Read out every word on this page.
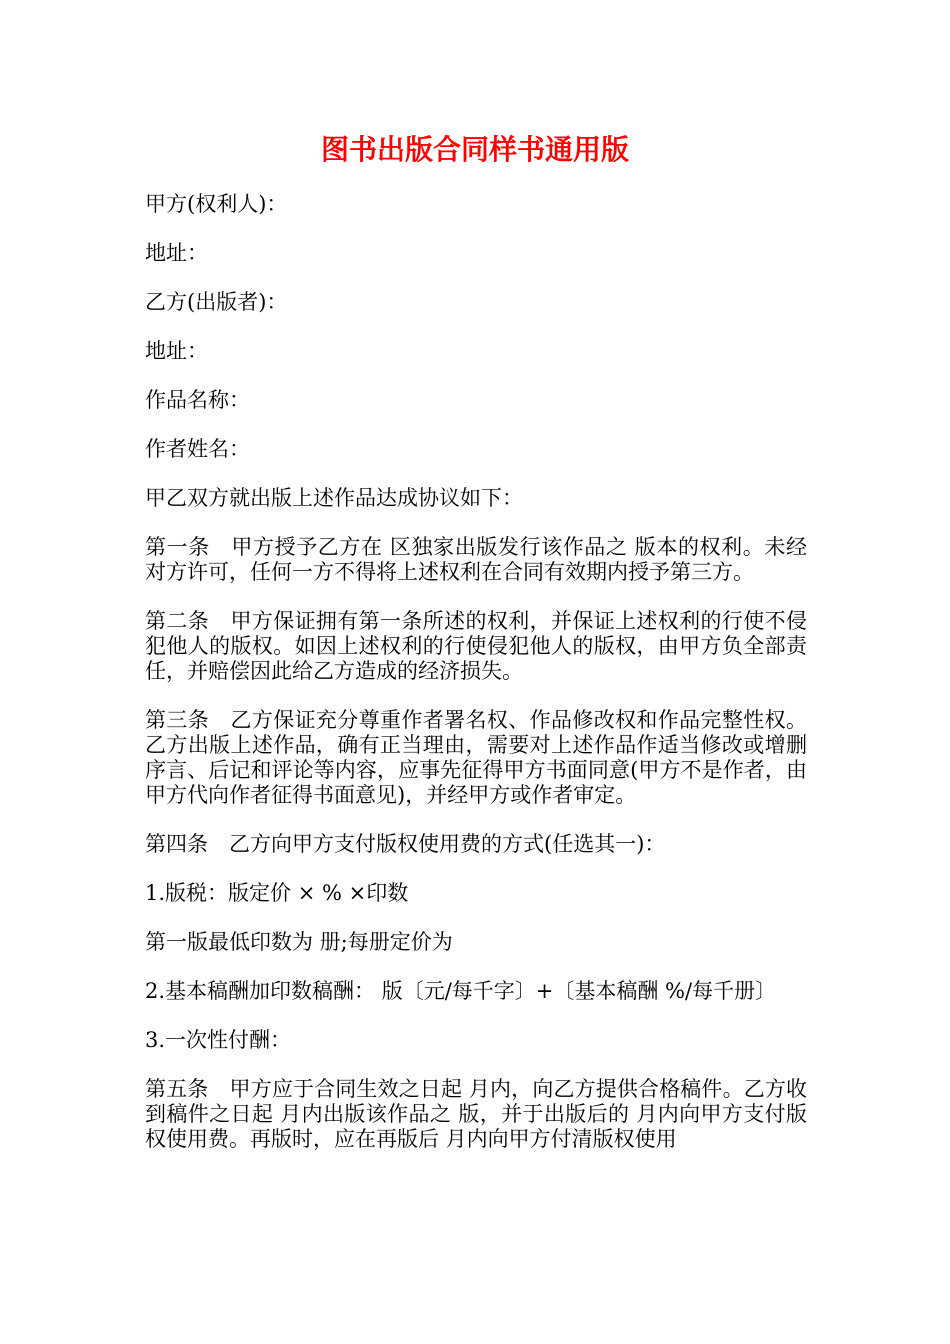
图书出版合同样书通用版

甲方(权利人)：

地址：

乙方(出版者)：

地址：

作品名称：

作者姓名：

甲乙双方就出版上述作品达成协议如下：

第一条　甲方授予乙方在 区独家出版发行该作品之 版本的权利。未经对方许可，任何一方不得将上述权利在合同有效期内授予第三方。

第二条　甲方保证拥有第一条所述的权利，并保证上述权利的行使不侵犯他人的版权。如因上述权利的行使侵犯他人的版权，由甲方负全部责任，并赔偿因此给乙方造成的经济损失。

第三条　乙方保证充分尊重作者署名权、作品修改权和作品完整性权。乙方出版上述作品，确有正当理由，需要对上述作品作适当修改或增删序言、后记和评论等内容，应事先征得甲方书面同意(甲方不是作者，由甲方代向作者征得书面意见)，并经甲方或作者审定。

第四条　乙方向甲方支付版权使用费的方式(任选其一)：

1.版税：版定价 × % ×印数

第一版最低印数为 册;每册定价为

2.基本稿酬加印数稿酬： 版〔元/每千字〕+〔基本稿酬 %/每千册〕

3.一次性付酬：

第五条　甲方应于合同生效之日起 月内，向乙方提供合格稿件。乙方收到稿件之日起 月内出版该作品之 版，并于出版后的 月内向甲方支付版权使用费。再版时，应在再版后 月内向甲方付清版权使用
